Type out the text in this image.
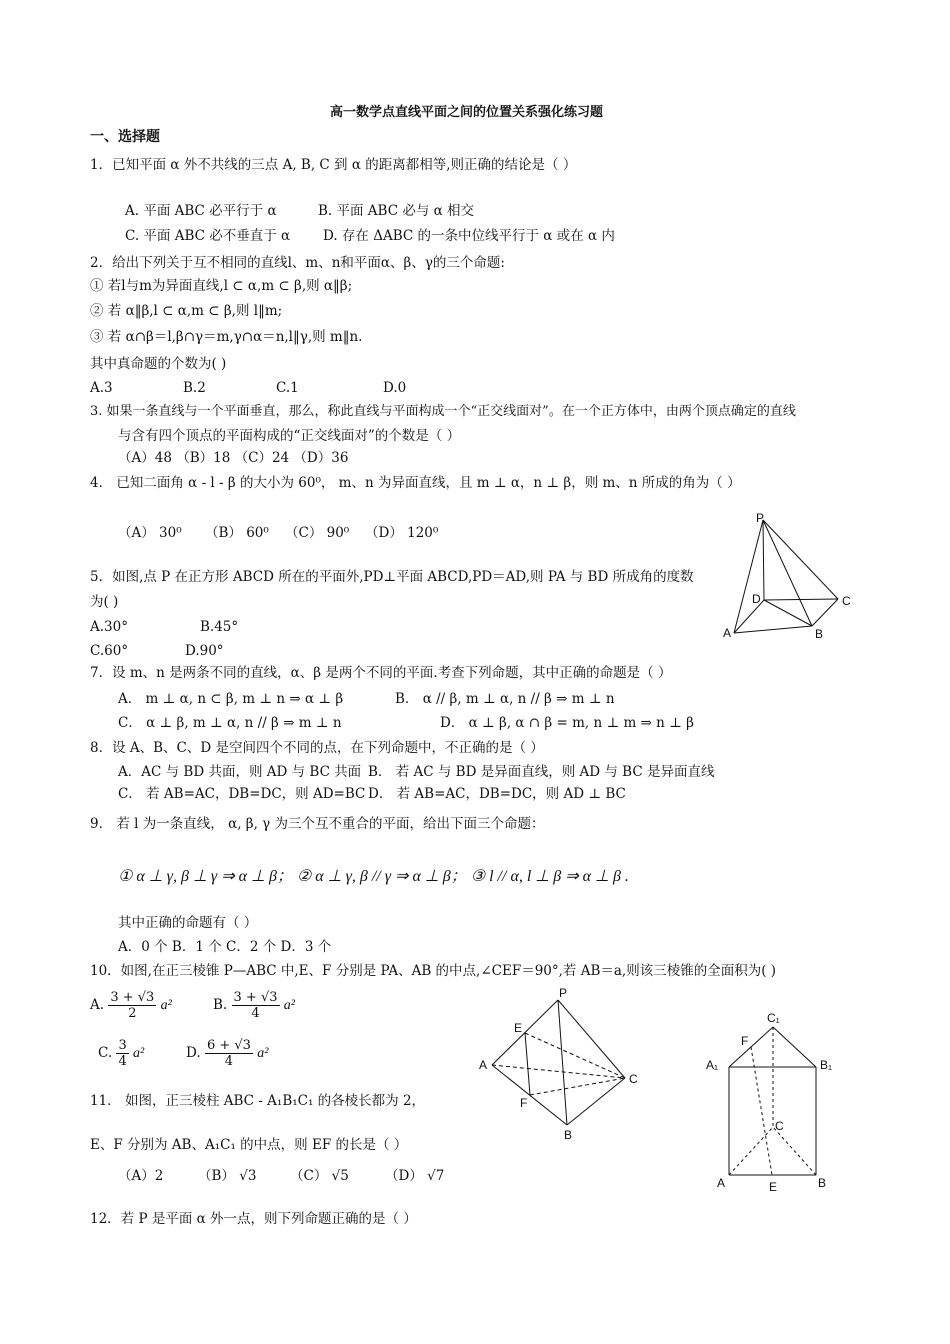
高一数学点直线平面之间的位置关系强化练习题
一、选择题
1．已知平面 α 外不共线的三点 A, B, C 到 α 的距离都相等,则正确的结论是（ ）
A. 平面 ABC 必平行于 α	B. 平面 ABC 必与 α 相交
C. 平面 ABC 必不垂直于 α D. 存在 ΔABC 的一条中位线平行于 α 或在 α 内
2．给出下列关于互不相同的直线l、m、n和平面α、β、γ的三个命题:
① 若l与m为异面直线,l ⊂ α,m ⊂ β,则 α‖β;
② 若 α‖β,l ⊂ α,m ⊂ β,则 l‖m;
③ 若 α∩β＝l,β∩γ＝m,γ∩α＝n,l‖γ,则 m‖n.
其中真命题的个数为( )
A.3	B.2	C.1	D.0
3. 如果一条直线与一个平面垂直，那么，称此直线与平面构成一个“正交线面对”。在一个正方体中，由两个顶点确定的直线
与含有四个顶点的平面构成的“正交线面对”的个数是（ ）
（A）48 （B）18 （C）24 （D）36
4． 已知二面角 α - l - β 的大小为 60⁰， m、n 为异面直线，且 m ⊥ α，n ⊥ β，则 m、n 所成的角为（ ）
（A） 30⁰ （B） 60⁰ （C） 90⁰ （D） 120⁰
P
D	C
A	B
5．如图,点 P 在正方形 ABCD 所在的平面外,PD⊥平面 ABCD,PD＝AD,则 PA 与 BD 所成角的度数
为( )
A.30°	B.45°
C.60°	D.90°
7．设 m、n 是两条不同的直线，α、β 是两个不同的平面.考查下列命题，其中正确的命题是（ ）
A． m ⊥ α, n ⊂ β, m ⊥ n ⇒ α ⊥ β	B． α // β, m ⊥ α, n // β ⇒ m ⊥ n
C． α ⊥ β, m ⊥ α, n // β ⇒ m ⊥ n	D． α ⊥ β, α ∩ β = m, n ⊥ m ⇒ n ⊥ β
8．设 A、B、C、D 是空间四个不同的点，在下列命题中，不正确的是（ ）
A．AC 与 BD 共面，则 AD 与 BC 共面 B． 若 AC 与 BD 是异面直线，则 AD 与 BC 是异面直线
C． 若 AB=AC，DB=DC，则 AD=BC D． 若 AB=AC，DB=DC，则 AD ⊥ BC
9． 若 l 为一条直线， α, β, γ 为三个互不重合的平面，给出下面三个命题：
① α ⊥ γ, β ⊥ γ ⇒ α ⊥ β； ② α ⊥ γ, β // γ ⇒ α ⊥ β； ③ l // α, l ⊥ β ⇒ α ⊥ β .
其中正确的命题有（ ）
A．0 个 B．1 个 C．2 个 D．3 个
10．如图,在正三棱锥 P—ABC 中,E、F 分别是 PA、AB 的中点,∠CEF＝90°,若 AB＝a,则该三棱锥的全面积为( )
A. $\frac{3 + √3}{2} a^2$	B. $\frac{3 + √3}{4} a^2$
C. $\frac{3}{4} a^2$	D. $\frac{6 + √3}{4} a^2$
P
E
A
F
C
B
C₁
F
A₁	B₁
C
A	E	B
11． 如图，正三棱柱 ABC - A₁B₁C₁ 的各棱长都为 2，
E、F 分别为 AB、A₁C₁ 的中点，则 EF 的长是（ ）
（A）2	（B） √3 （C） √5	（D） √7
12．若 P 是平面 α 外一点，则下列命题正确的是（ ）
